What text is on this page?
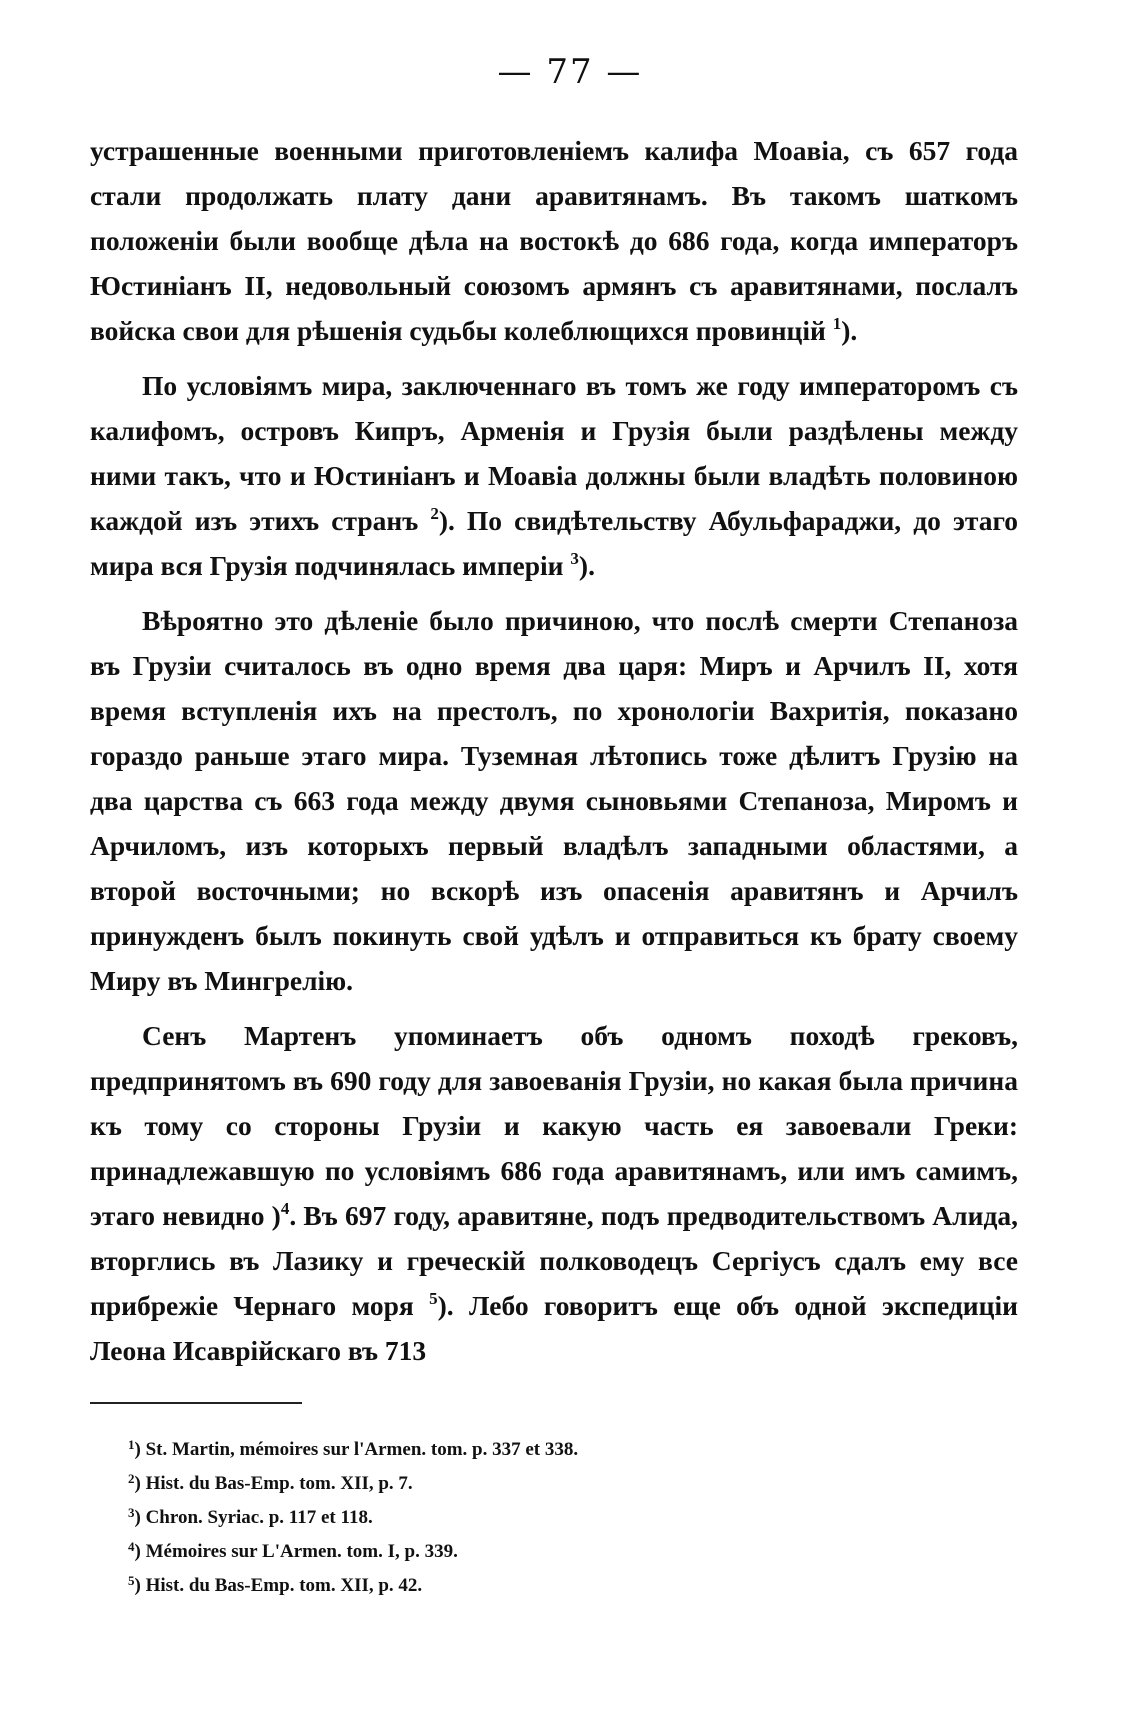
— 77 —

устрашенные военными приготовленіемъ калифа Моавіа, съ 657 года стали продолжать плату дани аравитянамъ. Въ такомъ шаткомъ положеніи были вообще дѣла на востокѣ до 686 года, когда императоръ Юстиніанъ II, недовольный союзомъ армянъ съ аравитянами, послалъ войска свои для рѣшенія судьбы колеблющихся провинцій $^1$).

По условіямъ мира, заключеннаго въ томъ же году императоромъ съ калифомъ, островъ Кипръ, Арменія и Грузія были раздѣлены между ними такъ, что и Юстиніанъ и Моавіа должны были владѣть половиною каждой изъ этихъ странъ $^2$). По свидѣтельству Абульфараджи, до этаго мира вся Грузія подчинялась имперіи $^3$).

Вѣроятно это дѣленіе было причиною, что послѣ смерти Степаноза въ Грузіи считалось въ одно время два царя: Миръ и Арчилъ II, хотя время вступленія ихъ на престолъ, по хронологіи Вахритія, показано гораздо раньше этаго мира. Туземная лѣтопись тоже дѣлитъ Грузію на два царства съ 663 года между двумя сыновьями Степаноза, Миромъ и Арчиломъ, изъ которыхъ первый владѣлъ западными областями, а второй восточными; но вскорѣ изъ опасенія аравитянъ и Арчилъ принужденъ былъ покинуть свой удѣлъ и отправиться къ брату своему Миру въ Мингрелію.

Сенъ Мартенъ упоминаетъ объ одномъ походѣ грековъ, предпринятомъ въ 690 году для завоеванія Грузіи, но какая была причина къ тому со стороны Грузіи и какую часть ея завоевали Греки: принадлежавшую по условіямъ 686 года аравитянамъ, или имъ самимъ, этаго невидно )$^4$. Въ 697 году, аравитяне, подъ предводительствомъ Алида, вторглись въ Лазику и греческій полководецъ Сергіусъ сдалъ ему все прибрежіе Чернаго моря $^5$). Лебо говоритъ еще объ одной экспедиціи Леона Исаврійскаго въ 713

$^1$) St. Martin, mémoires sur l'Armen. tom. p. 337 et 338.
$^2$) Hist. du Bas-Emp. tom. XII, p. 7.
$^3$) Chron. Syriac. p. 117 et 118.
$^4$) Mémoires sur L'Armen. tom. I, p. 339.
$^5$) Hist. du Bas-Emp. tom. XII, p. 42.
